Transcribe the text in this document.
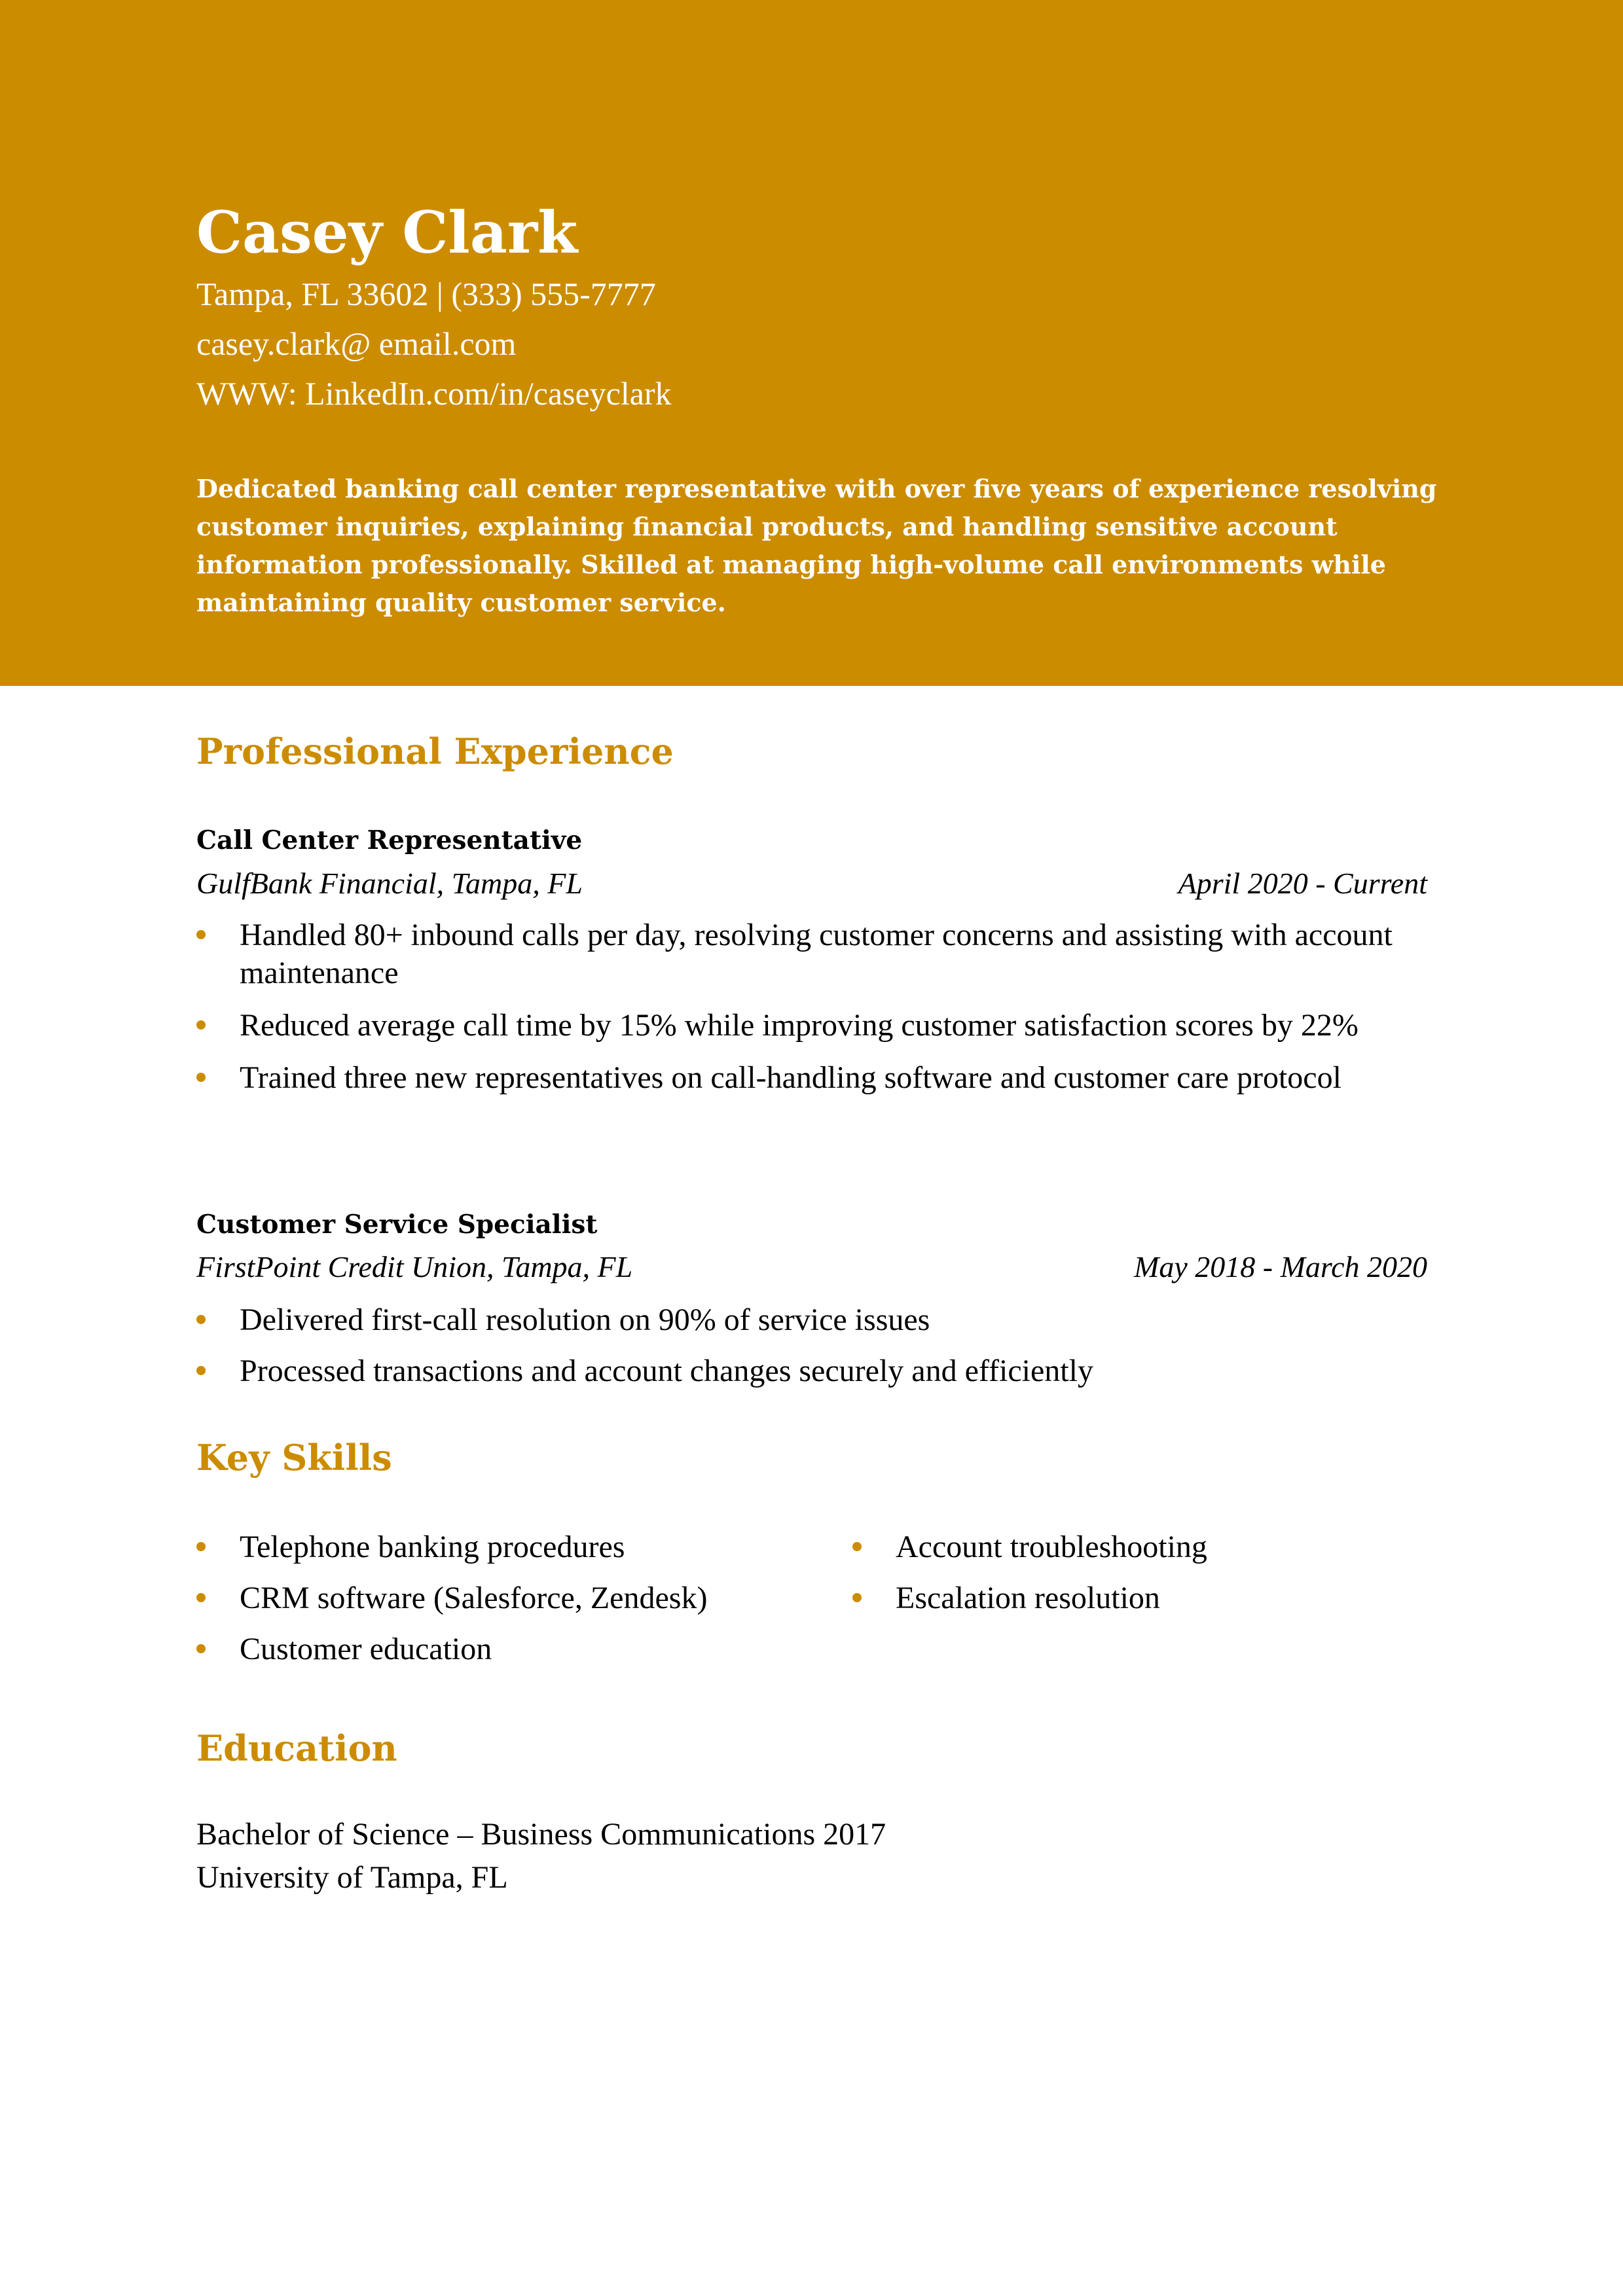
Casey Clark
Tampa, FL 33602 | (333) 555-7777
casey.clark@ email.com
WWW: LinkedIn.com/in/caseyclark
Dedicated banking call center representative with over five years of experience resolving customer inquiries, explaining financial products, and handling sensitive account information professionally. Skilled at managing high-volume call environments while maintaining quality customer service.
Professional Experience
Call Center Representative
GulfBank Financial, Tampa, FL	April 2020 - Current
Handled 80+ inbound calls per day, resolving customer concerns and assisting with account maintenance
Reduced average call time by 15% while improving customer satisfaction scores by 22%
Trained three new representatives on call-handling software and customer care protocol
Customer Service Specialist
FirstPoint Credit Union, Tampa, FL	May 2018 - March 2020
Delivered first-call resolution on 90% of service issues
Processed transactions and account changes securely and efficiently
Key Skills
Telephone banking procedures
CRM software (Salesforce, Zendesk)
Customer education
Account troubleshooting
Escalation resolution
Education
Bachelor of Science – Business Communications 2017
University of Tampa, FL
